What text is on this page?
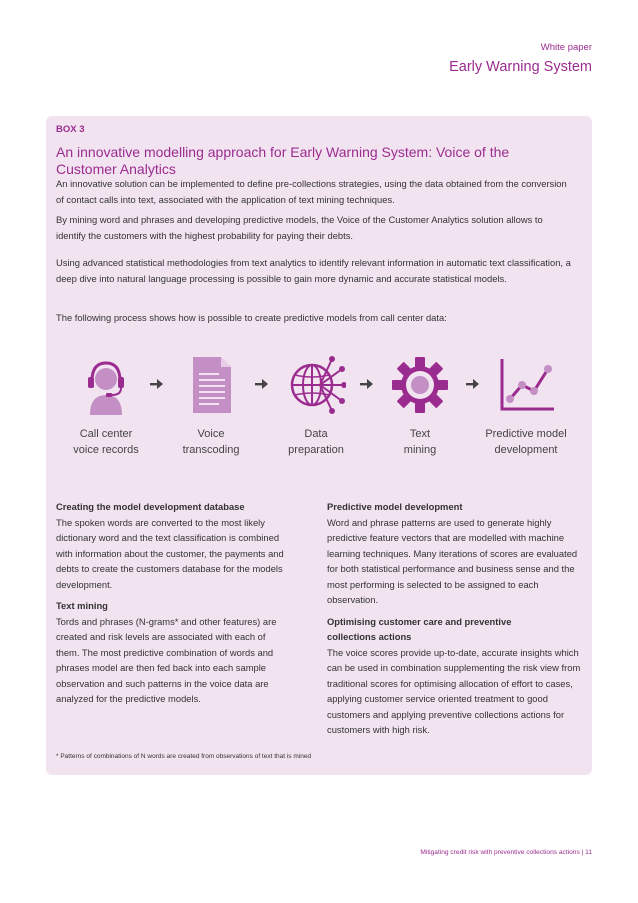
White paper
Early Warning System
BOX 3
An innovative modelling approach for Early Warning System: Voice of the Customer Analytics

An innovative solution can be implemented to define pre-collections strategies, using the data obtained from the conversion of contact calls into text, associated with the application of text mining techniques.

By mining word and phrases and developing predictive models, the Voice of the Customer Analytics solution allows to identify the customers with the highest probability for paying their debts.

Using advanced statistical methodologies from text analytics to identify relevant information in automatic text classification, a deep dive into natural language processing is possible to gain more dynamic and accurate statistical models.

The following process shows how is possible to create predictive models from call center data:

Call center
voice records
Voice
transcoding
Data
preparation
Text
mining
Predictive model
development
Creating the model development database

The spoken words are converted to the most likely dictionary word and the text classification is combined with information about the customer, the payments and debts to create the customers database for the models development.

Text mining

Tords and phrases (N-grams* and other features) are created and risk levels are associated with each of them. The most predictive combination of words and phrases model are then fed back into each sample observation and such patterns in the voice data are analyzed for the predictive models.

Predictive model development

Word and phrase patterns are used to generate highly predictive feature vectors that are modelled with machine learning techniques. Many iterations of scores are evaluated for both statistical performance and business sense and the most performing is selected to be assigned to each observation.

Optimising customer care and preventive collections actions

The voice scores provide up-to-date, accurate insights which can be used in combination supplementing the risk view from traditional scores for optimising allocation of effort to cases, applying customer service oriented treatment to good customers and applying preventive collections actions for customers with high risk.

* Patterns of combinations of N words are created from observations of text that is mined
Mitigating credit risk with preventive collections actions | 11
